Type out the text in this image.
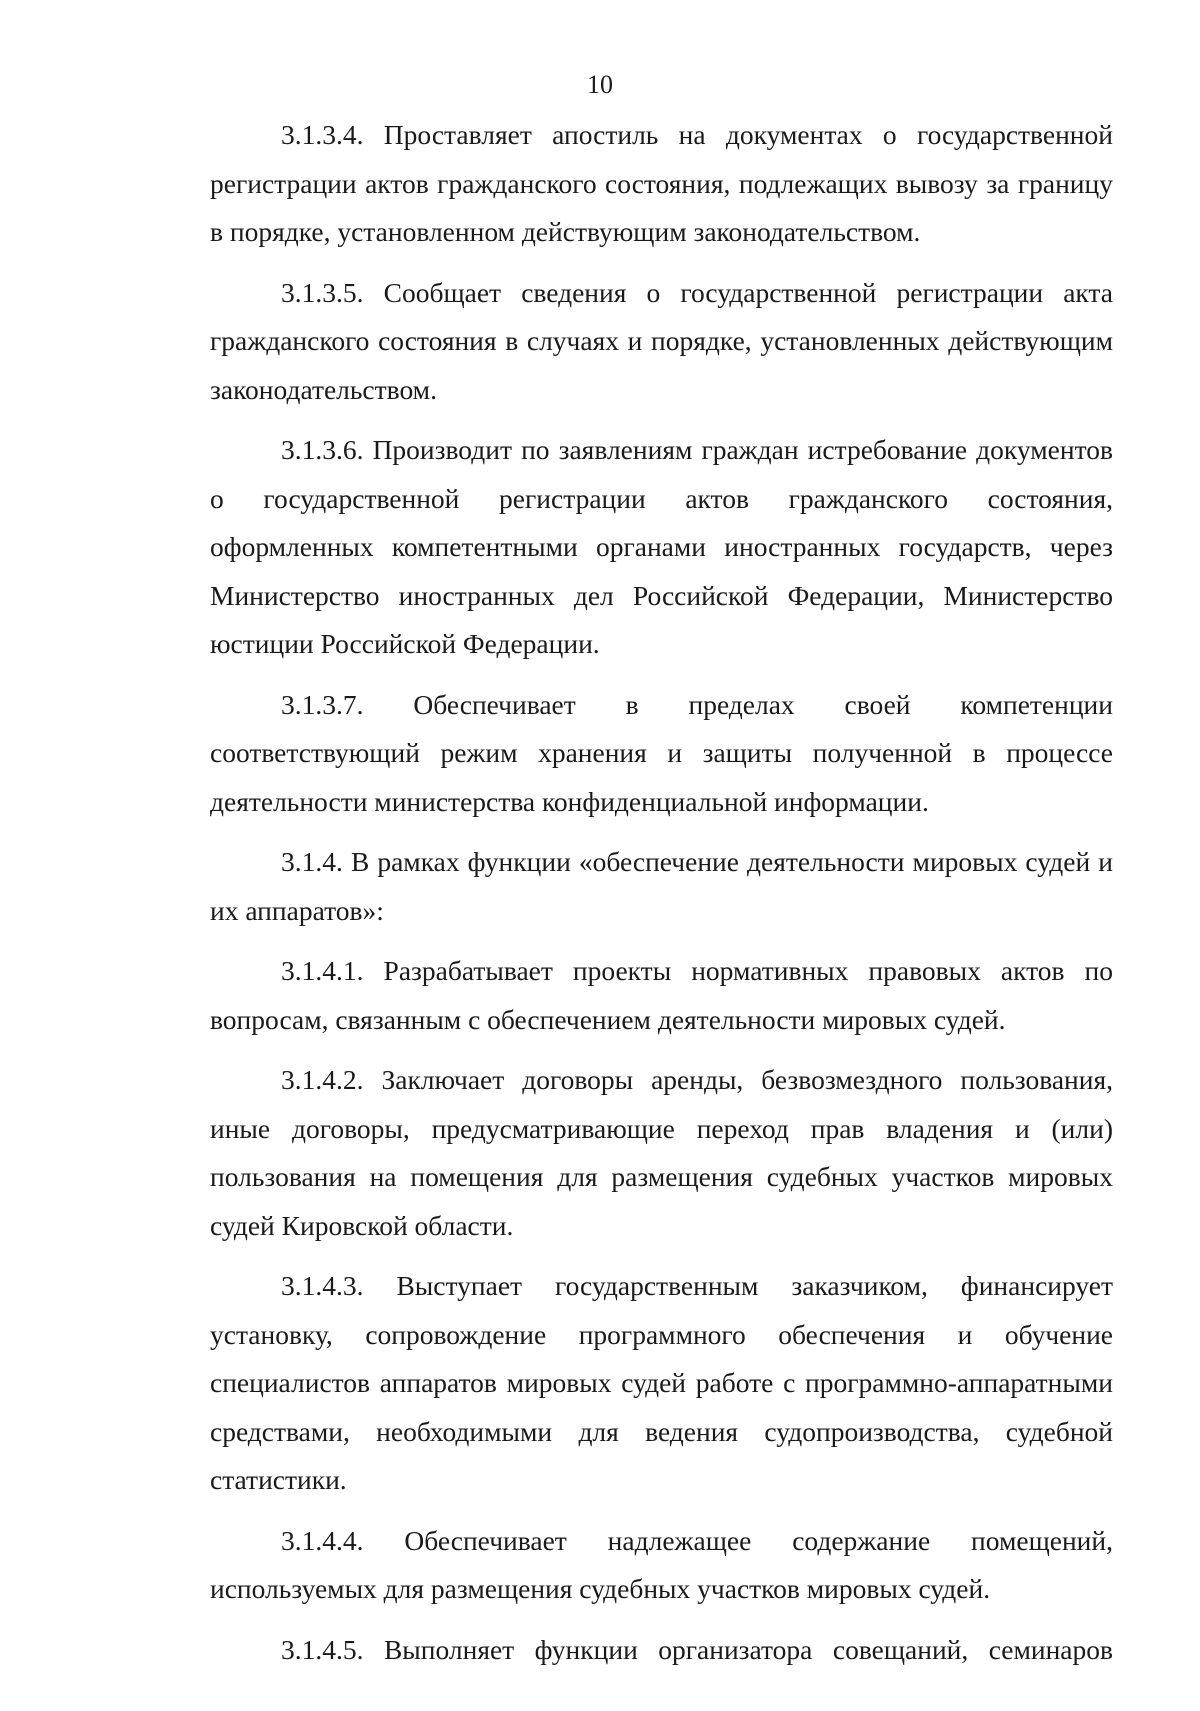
10

3.1.3.4. Проставляет апостиль на документах о государственной регистрации актов гражданского состояния, подлежащих вывозу за границу в порядке, установленном действующим законодательством.

3.1.3.5. Сообщает сведения о государственной регистрации акта гражданского состояния в случаях и порядке, установленных действующим законодательством.

3.1.3.6. Производит по заявлениям граждан истребование документов о государственной регистрации актов гражданского состояния, оформленных компетентными органами иностранных государств, через Министерство иностранных дел Российской Федерации, Министерство юстиции Российской Федерации.

3.1.3.7. Обеспечивает в пределах своей компетенции соответствующий режим хранения и защиты полученной в процессе деятельности министерства конфиденциальной информации.

3.1.4. В рамках функции «обеспечение деятельности мировых судей и их аппаратов»:

3.1.4.1. Разрабатывает проекты нормативных правовых актов по вопросам, связанным с обеспечением деятельности мировых судей.

3.1.4.2. Заключает договоры аренды, безвозмездного пользования, иные договоры, предусматривающие переход прав владения и (или) пользования на помещения для размещения судебных участков мировых судей Кировской области.

3.1.4.3. Выступает государственным заказчиком, финансирует установку, сопровождение программного обеспечения и обучение специалистов аппаратов мировых судей работе с программно-аппаратными средствами, необходимыми для ведения судопроизводства, судебной статистики.

3.1.4.4. Обеспечивает надлежащее содержание помещений, используемых для размещения судебных участков мировых судей.

3.1.4.5. Выполняет функции организатора совещаний, семинаров
